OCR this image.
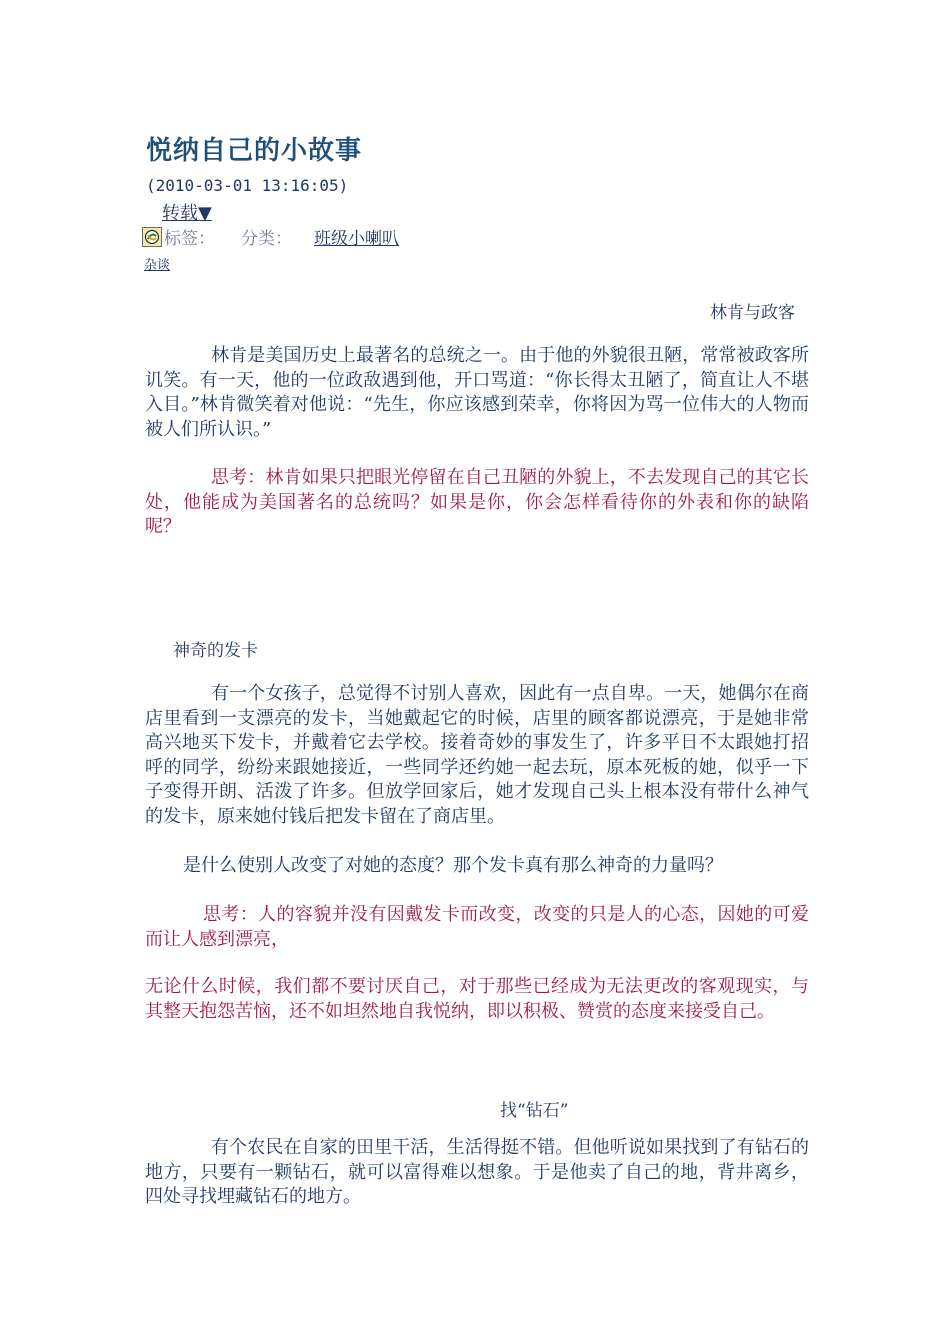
悦纳自己的小故事
(2010-03-01 13:16:05)
转载▼
标签： 分类： 班级小喇叭
杂谈
林肯与政客

林肯是美国历史上最著名的总统之一。由于他的外貌很丑陋，常常被政客所讥笑。有一天，他的一位政敌遇到他，开口骂道：“你长得太丑陋了，简直让人不堪入目。”林肯微笑着对他说：“先生，你应该感到荣幸，你将因为骂一位伟大的人物而被人们所认识。”

思考：林肯如果只把眼光停留在自己丑陋的外貌上，不去发现自己的其它长处，他能成为美国著名的总统吗？如果是你，你会怎样看待你的外表和你的缺陷呢？

神奇的发卡

有一个女孩子，总觉得不讨别人喜欢，因此有一点自卑。一天，她偶尔在商店里看到一支漂亮的发卡，当她戴起它的时候，店里的顾客都说漂亮，于是她非常高兴地买下发卡，并戴着它去学校。接着奇妙的事发生了，许多平日不太跟她打招呼的同学，纷纷来跟她接近，一些同学还约她一起去玩，原本死板的她，似乎一下子变得开朗、活泼了许多。但放学回家后，她才发现自己头上根本没有带什么神气的发卡，原来她付钱后把发卡留在了商店里。

是什么使别人改变了对她的态度？那个发卡真有那么神奇的力量吗？

思考：人的容貌并没有因戴发卡而改变，改变的只是人的心态，因她的可爱而让人感到漂亮，

无论什么时候，我们都不要讨厌自己，对于那些已经成为无法更改的客观现实，与其整天抱怨苦恼，还不如坦然地自我悦纳，即以积极、赞赏的态度来接受自己。

找“钻石”

有个农民在自家的田里干活，生活得挺不错。但他听说如果找到了有钻石的地方，只要有一颗钻石，就可以富得难以想象。于是他卖了自己的地，背井离乡，四处寻找埋藏钻石的地方。
